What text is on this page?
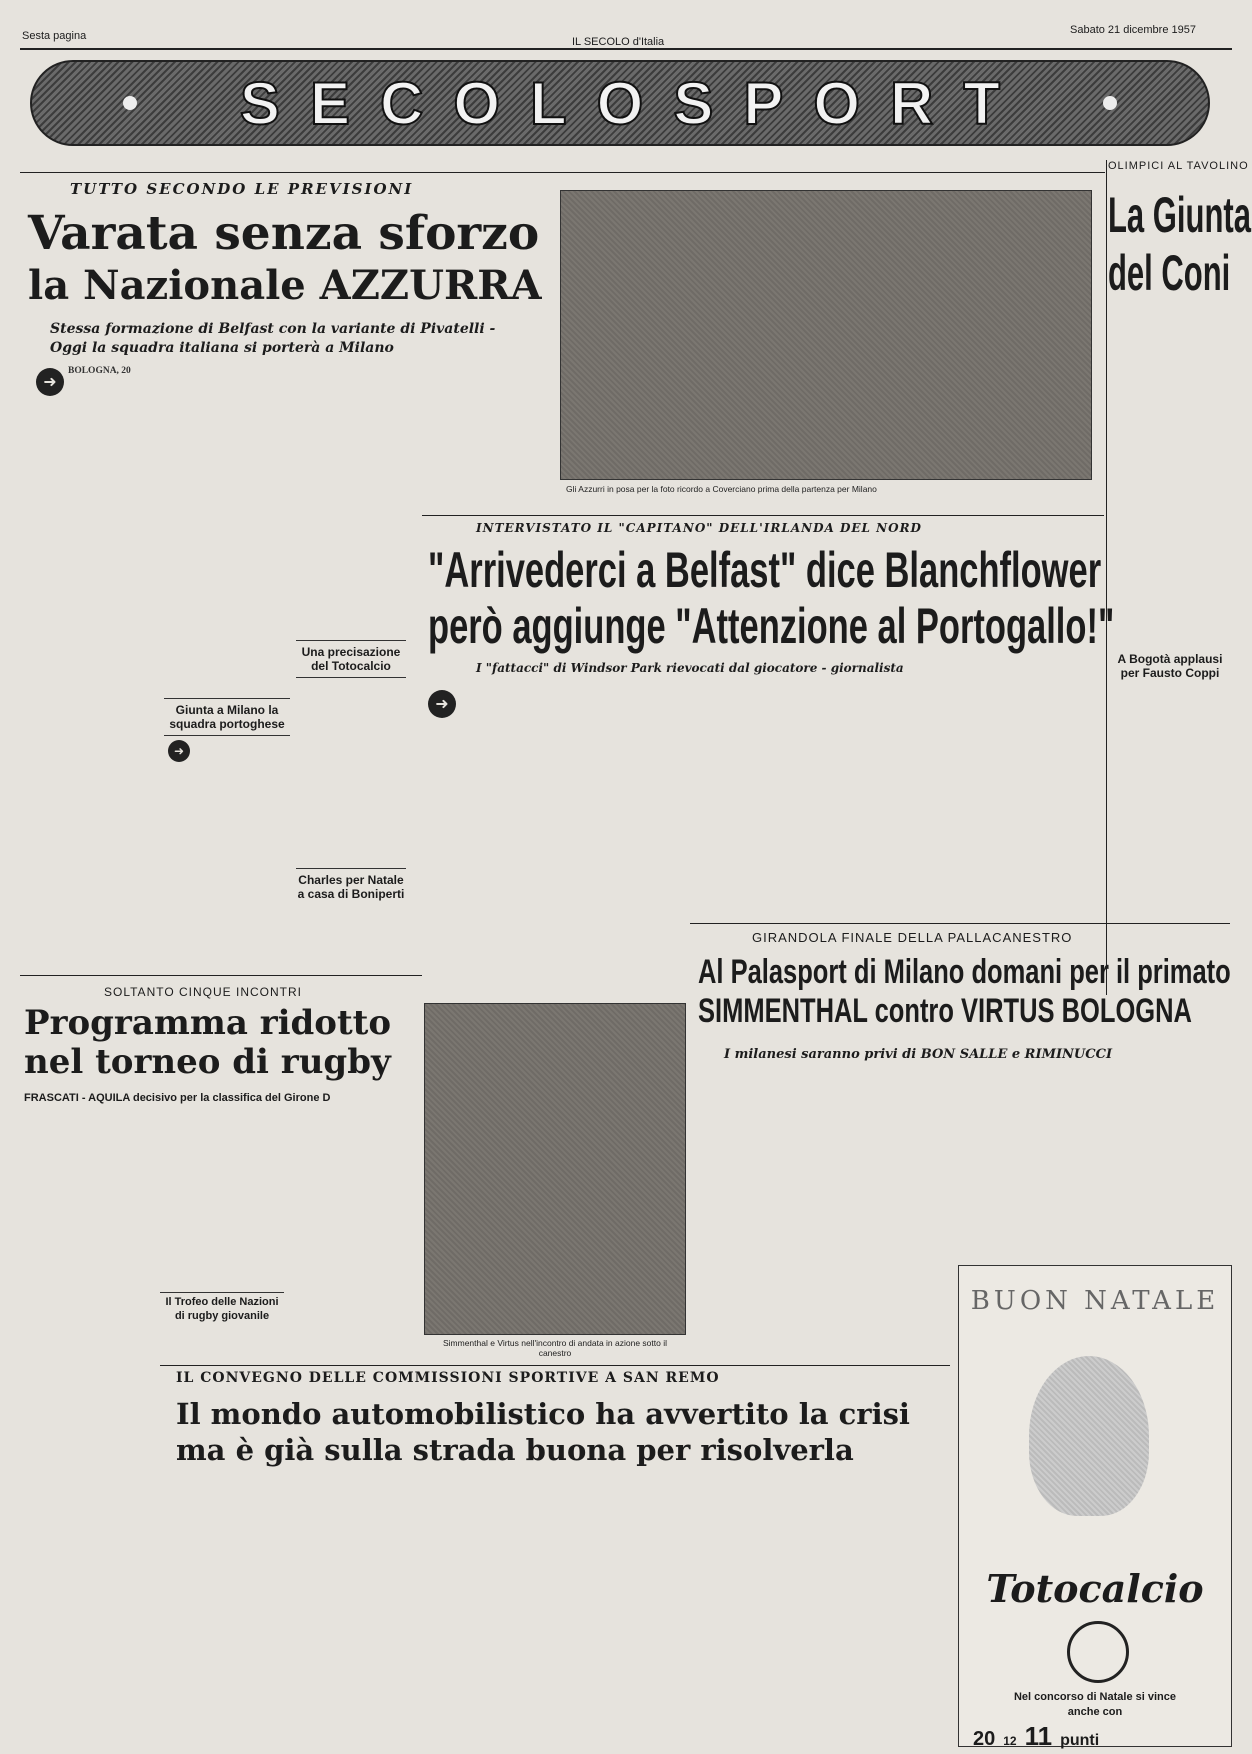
Sesta pagina	IL SECOLO d'Italia
Sabato 21 dicembre 1957
S E C O L O S P O R T
TUTTO SECONDO LE PREVISIONI
Varata senza sforzo
la Nazionale AZZURRA
Stessa formazione di Belfast con la variante di Pivatelli - Oggi la squadra italiana si porterà a Milano
➜
BOLOGNA, 20
Una precisazione del Totocalcio
Charles per Natale a casa di Boniperti
Giunta a Milano la squadra portoghese
➜
Gli Azzurri in posa per la foto ricordo a Coverciano prima della partenza per Milano
OLIMPICI AL TAVOLINO
La Giunta
del Coni
A Bogotà applausi per Fausto Coppi
INTERVISTATO IL "CAPITANO" DELL'IRLANDA DEL NORD
"Arrivederci a Belfast" dice Blanchflower
però aggiunge "Attenzione al Portogallo!"
I "fattacci" di Windsor Park rievocati dal giocatore - giornalista
➜
SOLTANTO CINQUE INCONTRI
Programma ridotto
nel torneo di rugby
FRASCATI - AQUILA decisivo per la classifica del Girone D
Il Trofeo delle Nazioni di rugby giovanile
Simmenthal e Virtus nell'incontro di andata in azione sotto il canestro
GIRANDOLA FINALE DELLA PALLACANESTRO
Al Palasport di Milano domani per il primato
SIMMENTHAL contro VIRTUS BOLOGNA
I milanesi saranno privi di BON SALLE e RIMINUCCI
IL CONVEGNO DELLE COMMISSIONI SPORTIVE A SAN REMO
Il mondo automobilistico ha avvertito la crisi
ma è già sulla strada buona per risolverla
BUON NATALE
Totocalcio
Nel concorso di Natale si vince
anche con
20 12 11 punti
